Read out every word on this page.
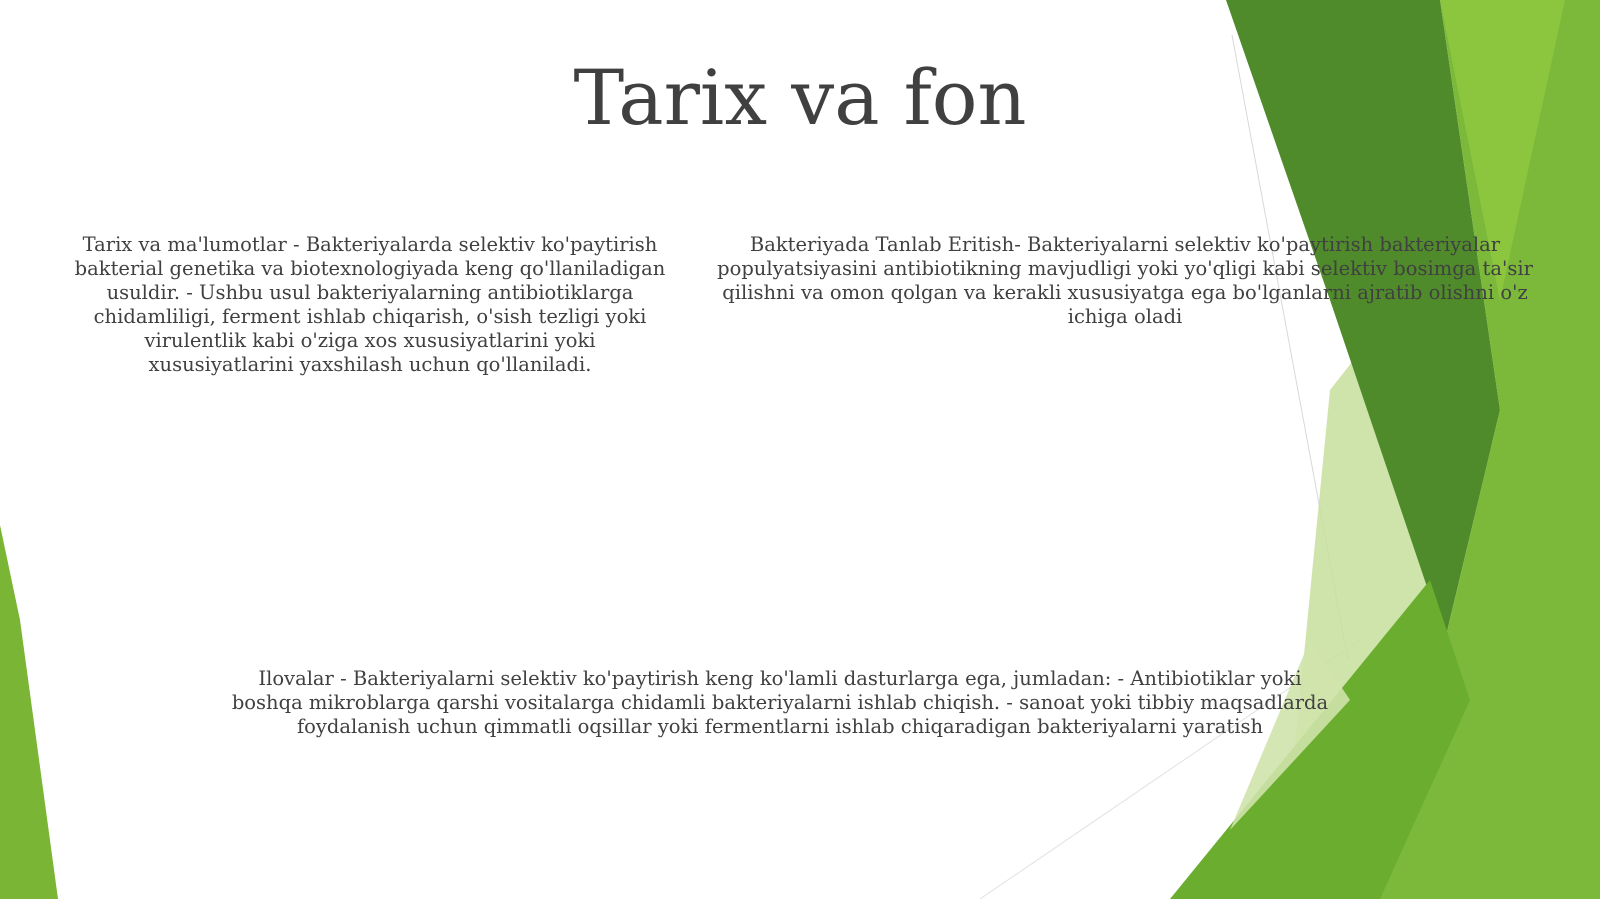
Tarix va fon

Tarix va ma'lumotlar - Bakteriyalarda selektiv ko'paytirish bakterial genetika va biotexnologiyada keng qo'llaniladigan usuldir. - Ushbu usul bakteriyalarning antibiotiklarga chidamliligi, ferment ishlab chiqarish, o'sish tezligi yoki virulentlik kabi o'ziga xos xususiyatlarini yoki xususiyatlarini yaxshilash uchun qo'llaniladi.

Bakteriyada Tanlab Eritish- Bakteriyalarni selektiv ko'paytirish bakteriyalar populyatsiyasini antibiotikning mavjudligi yoki yo'qligi kabi selektiv bosimga ta'sir qilishni va omon qolgan va kerakli xususiyatga ega bo'lganlarni ajratib olishni o'z ichiga oladi

Ilovalar - Bakteriyalarni selektiv ko'paytirish keng ko'lamli dasturlarga ega, jumladan: - Antibiotiklar yoki boshqa mikroblarga qarshi vositalarga chidamli bakteriyalarni ishlab chiqish. - sanoat yoki tibbiy maqsadlarda foydalanish uchun qimmatli oqsillar yoki fermentlarni ishlab chiqaradigan bakteriyalarni yaratish
